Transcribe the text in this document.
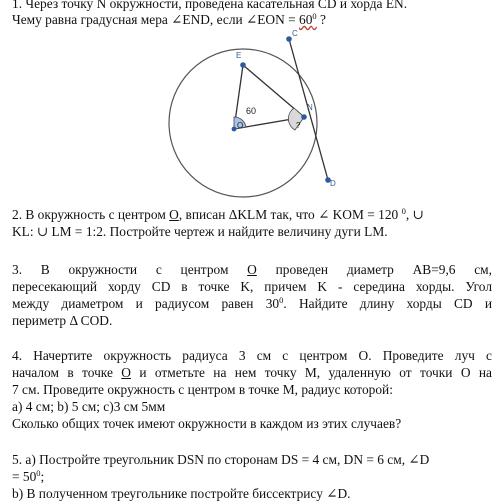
1. Через точку N окружности, проведена касательная CD и хорда EN.
Чему равна градусная мера ∠END, если ∠EON = $60^0$ ?
C
E
N
D
O
60
?
2. В окружность с центром O, вписан ΔKLM так, что ∠ KOM = 120 $^0$, ∪
KL: ∪ LM = 1:2. Постройте чертеж и найдите величину дуги LM.
3. В окружности с центром O проведен диаметр AB=9,6 см,
пересекающий хорду CD в точке K, причем K - середина хорды. Угол
между диаметром и радиусом равен $30^0$. Найдите длину хорды CD и
периметр Δ COD.
4. Начертите окружность радиуса 3 см с центром O. Проведите луч с
началом в точке O и отметьте на нем точку M, удаленную от точки O на
7 см. Проведите окружность с центром в точке M, радиус которой:
a) 4 см; b) 5 см; c)3 см 5мм
Сколько общих точек имеют окружности в каждом из этих случаев?
5. а) Постройте треугольник DSN по сторонам DS = 4 см, DN = 6 см, ∠D
= $50^0$;
b) В полученном треугольнике постройте биссектрису ∠D.
